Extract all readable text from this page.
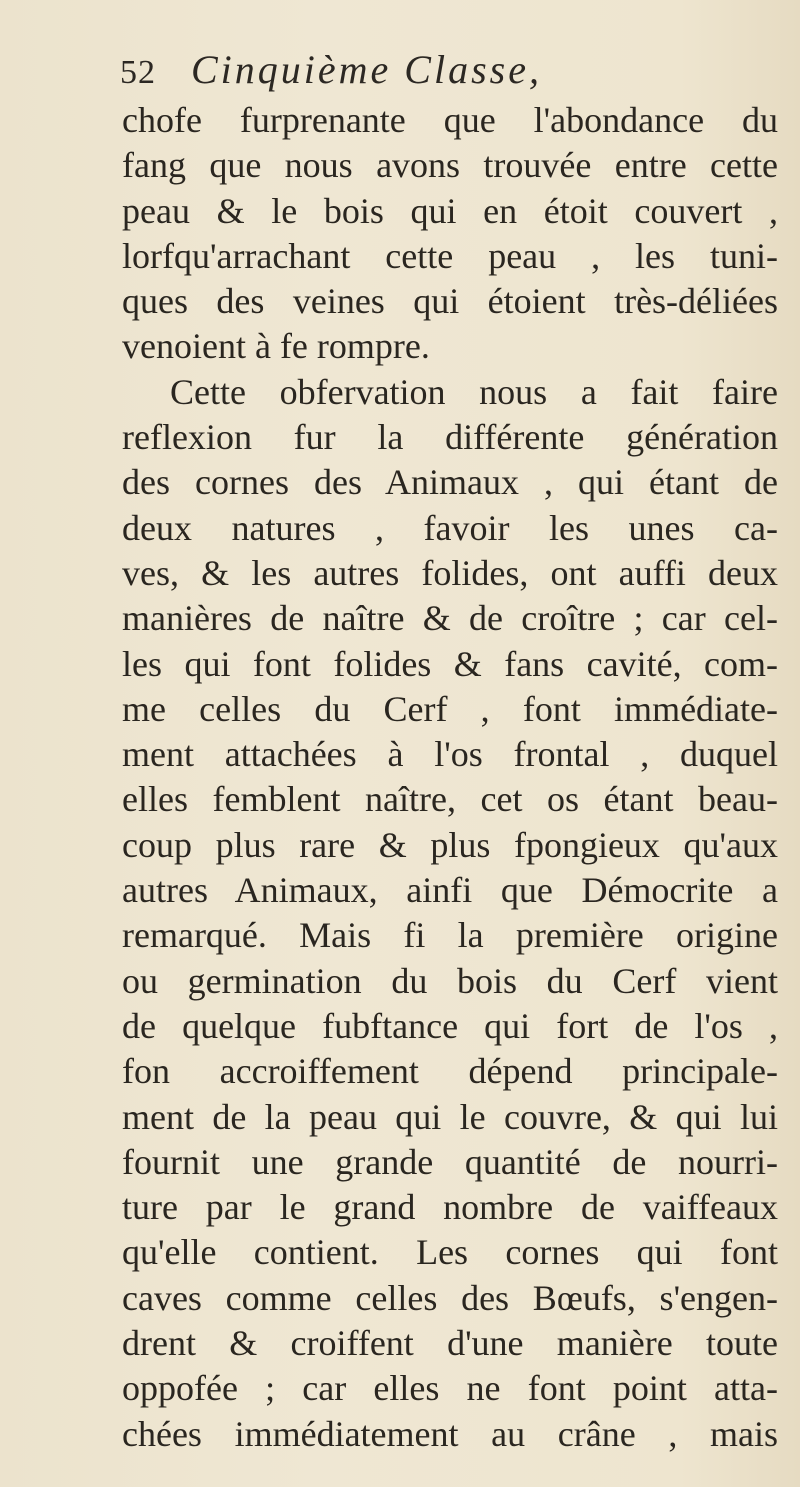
52 Cinquième Classe,
chofe furprenante que l'abondance du
fang que nous avons trouvée entre cette
peau & le bois qui en étoit couvert ,
lorfqu'arrachant cette peau , les tuni-
ques des veines qui étoient très-déliées
venoient à fe rompre.
Cette obfervation nous a fait faire
reflexion fur la différente génération
des cornes des Animaux , qui étant de
deux natures , favoir les unes ca-
ves, & les autres folides, ont auffi deux
manières de naître & de croître ; car cel-
les qui font folides & fans cavité, com-
me celles du Cerf , font immédiate-
ment attachées à l'os frontal , duquel
elles femblent naître, cet os étant beau-
coup plus rare & plus fpongieux qu'aux
autres Animaux, ainfi que Démocrite a
remarqué. Mais fi la première origine
ou germination du bois du Cerf vient
de quelque fubftance qui fort de l'os ,
fon accroiffement dépend principale-
ment de la peau qui le couvre, & qui lui
fournit une grande quantité de nourri-
ture par le grand nombre de vaiffeaux
qu'elle contient. Les cornes qui font
caves comme celles des Bœufs, s'engen-
drent & croiffent d'une manière toute
oppofée ; car elles ne font point atta-
chées immédiatement au crâne , mais
